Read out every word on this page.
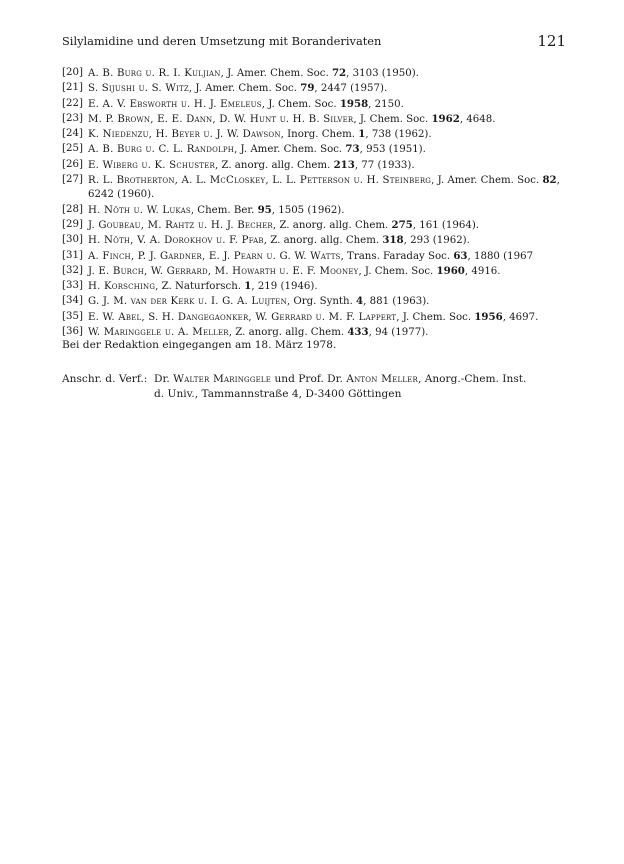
Silylamidine und deren Umsetzung mit Boranderivaten	121
[20] A. B. Burg u. R. I. Kuljian, J. Amer. Chem. Soc. 72, 3103 (1950).
[21] S. Sijushi u. S. Witz, J. Amer. Chem. Soc. 79, 2447 (1957).
[22] E. A. V. Ebsworth u. H. J. Emeleus, J. Chem. Soc. 1958, 2150.
[23] M. P. Brown, E. E. Dann, D. W. Hunt u. H. B. Silver, J. Chem. Soc. 1962, 4648.
[24] K. Niedenzu, H. Beyer u. J. W. Dawson, Inorg. Chem. 1, 738 (1962).
[25] A. B. Burg u. C. L. Randolph, J. Amer. Chem. Soc. 73, 953 (1951).
[26] E. Wiberg u. K. Schuster, Z. anorg. allg. Chem. 213, 77 (1933).
[27] R. L. Brotherton, A. L. McCloskey, L. L. Petterson u. H. Steinberg, J. Amer. Chem. Soc. 82, 6242 (1960).
[28] H. Nöth u. W. Lukas, Chem. Ber. 95, 1505 (1962).
[29] J. Goubeau, M. Rahtz u. H. J. Becher, Z. anorg. allg. Chem. 275, 161 (1964).
[30] H. Nöth, V. A. Dorokhov u. F. Pfab, Z. anorg. allg. Chem. 318, 293 (1962).
[31] A. Finch, P. J. Gardner, E. J. Pearn u. G. W. Watts, Trans. Faraday Soc. 63, 1880 (1967
[32] J. E. Burch, W. Gerrard, M. Howarth u. E. F. Mooney, J. Chem. Soc. 1960, 4916.
[33] H. Korsching, Z. Naturforsch. 1, 219 (1946).
[34] G. J. M. van der Kerk u. I. G. A. Luijten, Org. Synth. 4, 881 (1963).
[35] E. W. Abel, S. H. Dangegaonker, W. Gerrard u. M. F. Lappert, J. Chem. Soc. 1956, 4697.
[36] W. Maringgele u. A. Meller, Z. anorg. allg. Chem. 433, 94 (1977).
Bei der Redaktion eingegangen am 18. März 1978.
Anschr. d. Verf.: Dr. Walter Maringgele und Prof. Dr. Anton Meller, Anorg.-Chem. Inst.
d. Univ., Tammannstraße 4, D-3400 Göttingen
